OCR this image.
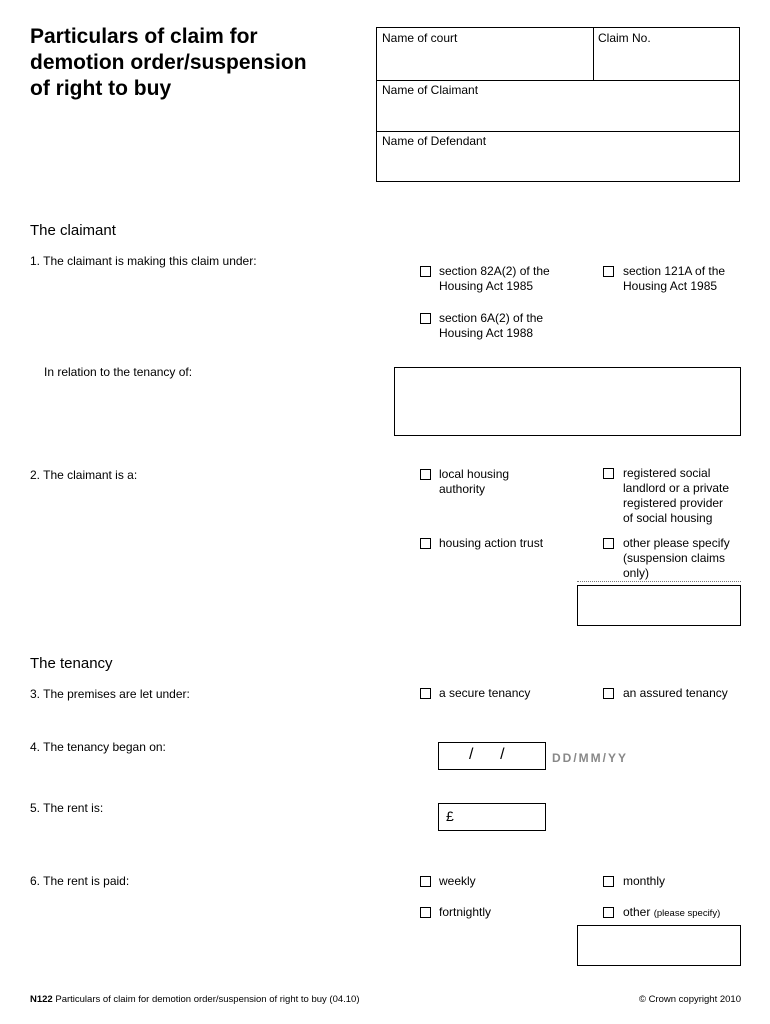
Particulars of claim for
demotion order/suspension
of right to buy
Name of court	Claim No.
Name of Claimant
Name of Defendant
The claimant
1. The claimant is making this claim under:
section 82A(2) of the
Housing Act 1985
section 121A of the
Housing Act 1985
section 6A(2) of the
Housing Act 1988
In relation to the tenancy of:
2. The claimant is a:	local housing
authority
registered social
landlord or a private
registered provider
of social housing
housing action trust	other please specify
(suspension claims
only)
The tenancy
3. The premises are let under:	a secure tenancy	an assured tenancy
4. The tenancy began on:	/      /	DD/MM/YY
5. The rent is:	£
6. The rent is paid:	weekly	monthly
fortnightly	other (please specify)
N122 Particulars of claim for demotion order/suspension of right to buy (04.10)	© Crown copyright 2010
